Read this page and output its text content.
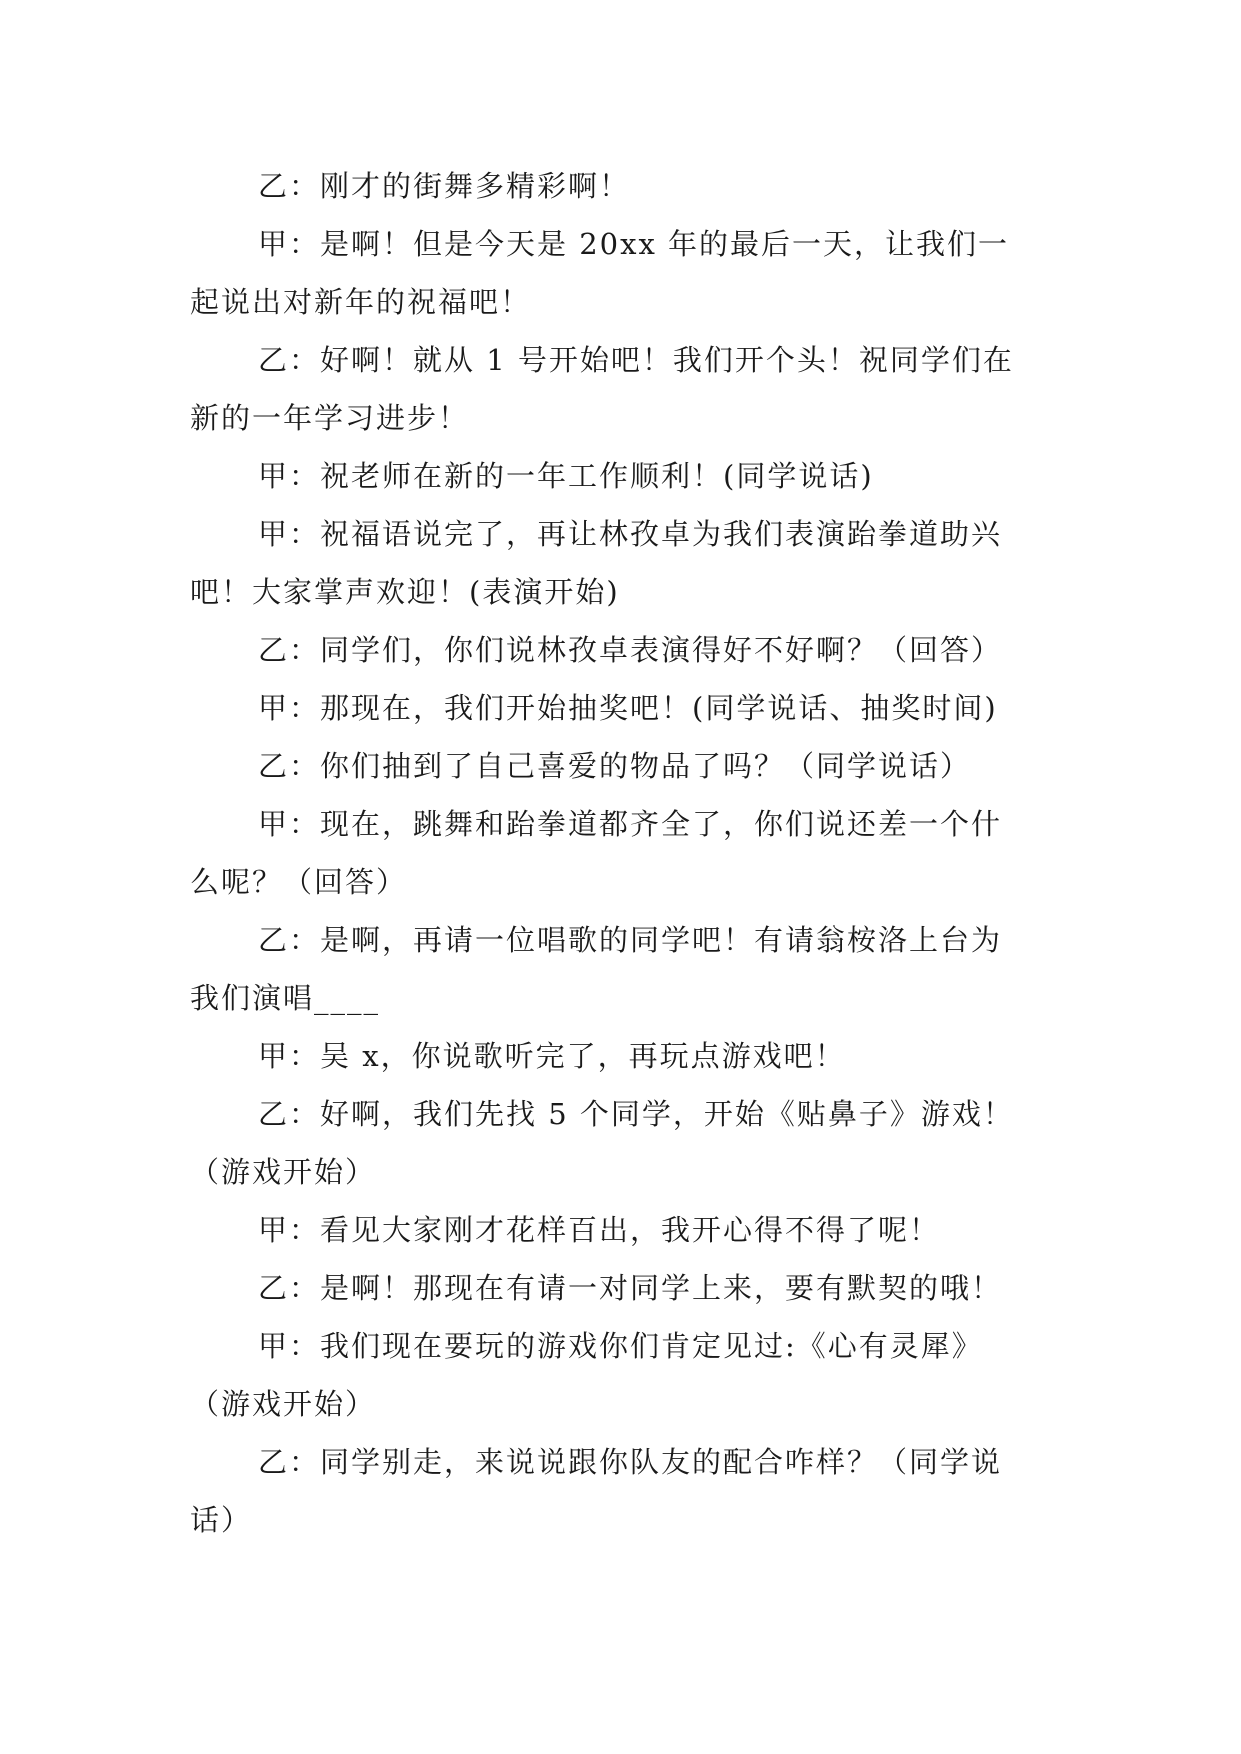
乙：刚才的街舞多精彩啊！
甲：是啊！但是今天是 20xx 年的最后一天，让我们一
起说出对新年的祝福吧！
乙：好啊！就从 1 号开始吧！我们开个头！祝同学们在
新的一年学习进步！
甲：祝老师在新的一年工作顺利！(同学说话)
甲：祝福语说完了，再让林孜卓为我们表演跆拳道助兴
吧！大家掌声欢迎！(表演开始)
乙：同学们，你们说林孜卓表演得好不好啊？（回答）
甲：那现在，我们开始抽奖吧！(同学说话、抽奖时间)
乙：你们抽到了自己喜爱的物品了吗？（同学说话）
甲：现在，跳舞和跆拳道都齐全了，你们说还差一个什
么呢？（回答）
乙：是啊，再请一位唱歌的同学吧！有请翁桉洛上台为
我们演唱____
甲：吴 x，你说歌听完了，再玩点游戏吧！
乙：好啊，我们先找 5 个同学，开始《贴鼻子》游戏！
（游戏开始）
甲：看见大家刚才花样百出，我开心得不得了呢！
乙：是啊！那现在有请一对同学上来，要有默契的哦！
甲：我们现在要玩的游戏你们肯定见过:《心有灵犀》
（游戏开始）
乙：同学别走，来说说跟你队友的配合咋样？（同学说
话）
